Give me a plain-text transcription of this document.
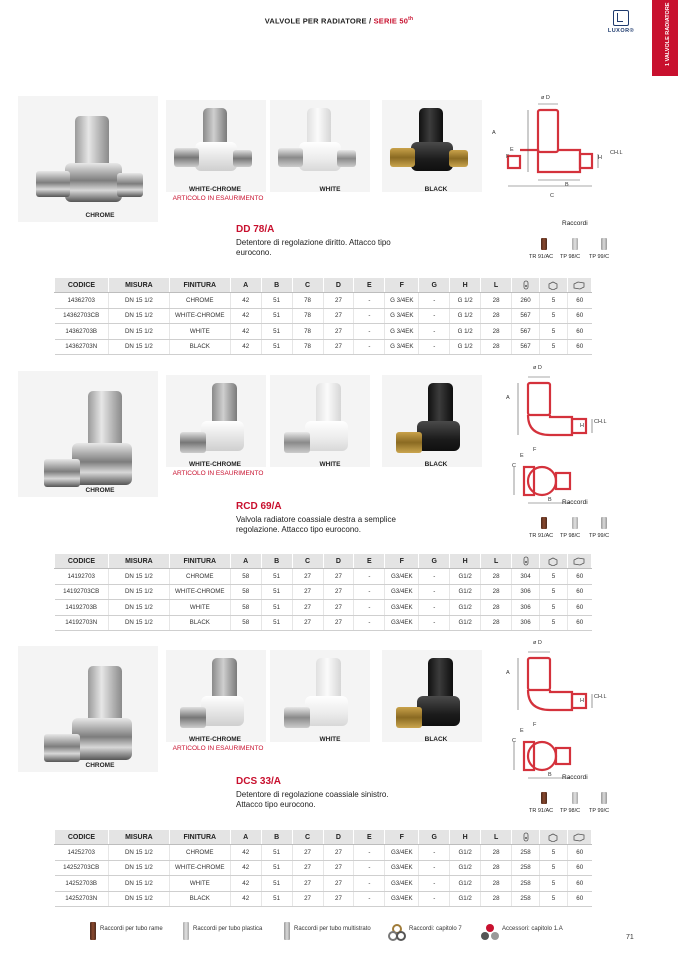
VALVOLE PER RADIATORE / SERIE 50th
LUXOR®	1 VALVOLE RADIATORE
CHROME
WHITE-CHROME
ARTICOLO IN ESAURIMENTO
WHITE	BLACK
ø D
A
F
E
H
CH.L
B
C
DD 78/A
Detentore di regolazione diritto. Attacco tipo eurocono.
Raccordi
TR 91/AC TP 98/C TP 99/C
CHROME
WHITE-CHROME
ARTICOLO IN ESAURIMENTO
WHITE	BLACK
ø D
A
H
CH.L
F
E
C
B
RCD 69/A
Valvola radiatore coassiale destra a semplice regolazione. Attacco tipo eurocono.
Raccordi
TR 91/AC TP 98/C TP 99/C
CHROME
WHITE-CHROME
ARTICOLO IN ESAURIMENTO
WHITE	BLACK
ø D
A
H
CH.L
F
E
C
B
DCS 33/A
Detentore di regolazione coassiale sinistro. Attacco tipo eurocono.
Raccordi
TR 91/AC TP 98/C TP 99/C
Raccordi per tubo rame	Raccordi per tubo plastica	Raccordi per tubo multistrato	Raccordi: capitolo 7	Accessori: capitolo 1.A
71
CODICE	MISURA	FINITURA	A	B	C	D	E	F	G	H	L			
14362703	DN 15 1/2	CHROME	42	51	78	27	-	G 3/4EK	-	G 1/2	28	260	5	60
14362703CB	DN 15 1/2	WHITE-CHROME	42	51	78	27	-	G 3/4EK	-	G 1/2	28	567	5	60
14362703B	DN 15 1/2	WHITE	42	51	78	27	-	G 3/4EK	-	G 1/2	28	567	5	60
14362703N	DN 15 1/2	BLACK	42	51	78	27	-	G 3/4EK	-	G 1/2	28	567	5	60
CODICE	MISURA	FINITURA	A	B	C	D	E	F	G	H	L			
14192703	DN 15 1/2	CHROME	58	51	27	27	-	G3/4EK	-	G1/2	28	304	5	60
14192703CB	DN 15 1/2	WHITE-CHROME	58	51	27	27	-	G3/4EK	-	G1/2	28	306	5	60
14192703B	DN 15 1/2	WHITE	58	51	27	27	-	G3/4EK	-	G1/2	28	306	5	60
14192703N	DN 15 1/2	BLACK	58	51	27	27	-	G3/4EK	-	G1/2	28	306	5	60
CODICE	MISURA	FINITURA	A	B	C	D	E	F	G	H	L			
14252703	DN 15 1/2	CHROME	42	51	27	27	-	G3/4EK	-	G1/2	28	258	5	60
14252703CB	DN 15 1/2	WHITE-CHROME	42	51	27	27	-	G3/4EK	-	G1/2	28	258	5	60
14252703B	DN 15 1/2	WHITE	42	51	27	27	-	G3/4EK	-	G1/2	28	258	5	60
14252703N	DN 15 1/2	BLACK	42	51	27	27	-	G3/4EK	-	G1/2	28	258	5	60
